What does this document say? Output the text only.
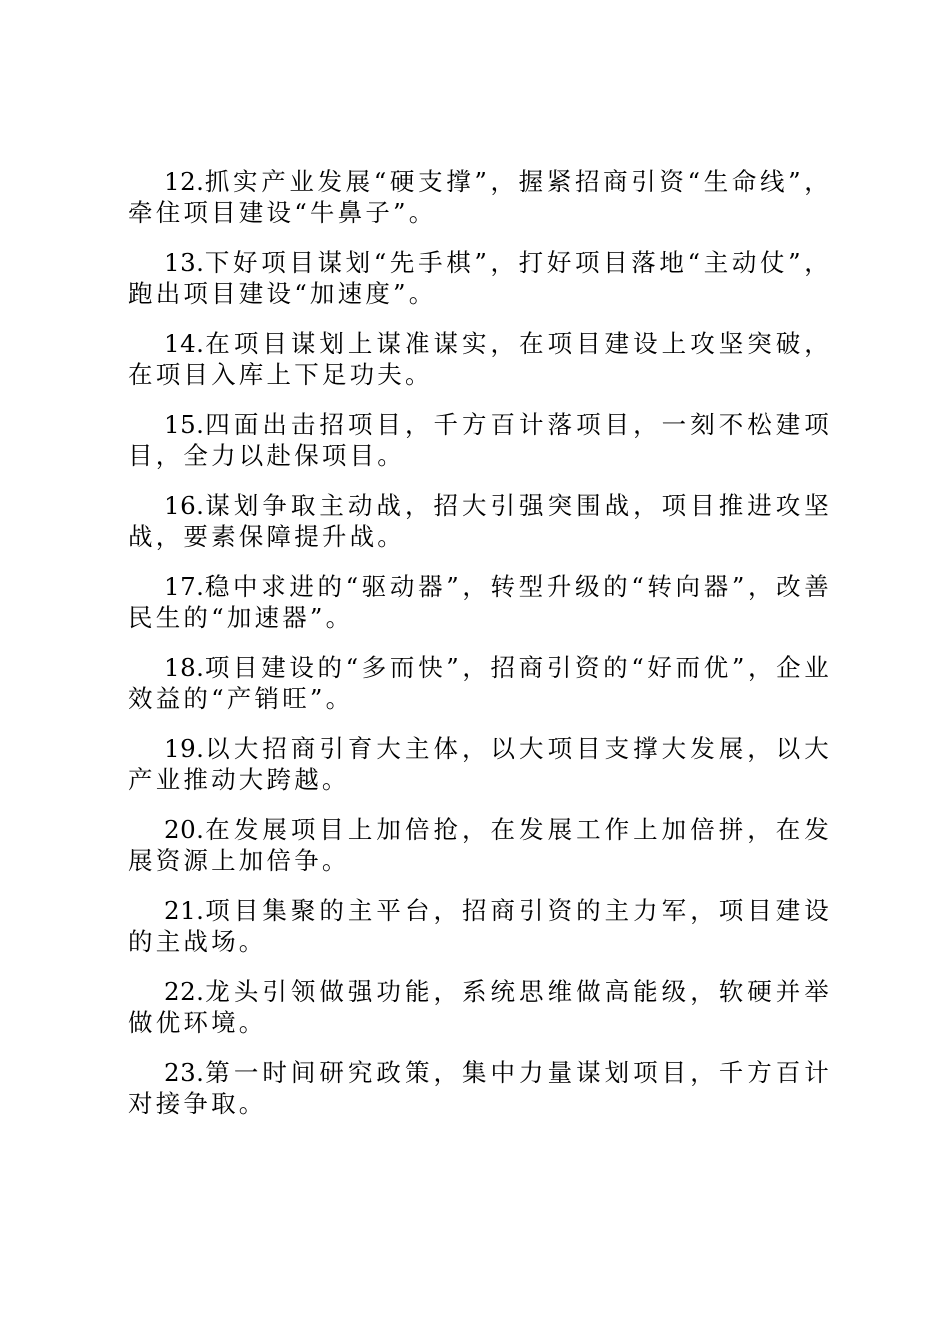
12.抓实产业发展“硬支撑”，握紧招商引资“生命线”，牵住项目建设“牛鼻子”。

13.下好项目谋划“先手棋”，打好项目落地“主动仗”，跑出项目建设“加速度”。

14.在项目谋划上谋准谋实，在项目建设上攻坚突破，在项目入库上下足功夫。

15.四面出击招项目，千方百计落项目，一刻不松建项目，全力以赴保项目。

16.谋划争取主动战，招大引强突围战，项目推进攻坚战，要素保障提升战。

17.稳中求进的“驱动器”，转型升级的“转向器”，改善民生的“加速器”。

18.项目建设的“多而快”，招商引资的“好而优”，企业效益的“产销旺”。

19.以大招商引育大主体，以大项目支撑大发展，以大产业推动大跨越。

20.在发展项目上加倍抢，在发展工作上加倍拼，在发展资源上加倍争。

21.项目集聚的主平台，招商引资的主力军，项目建设的主战场。

22.龙头引领做强功能，系统思维做高能级，软硬并举做优环境。

23.第一时间研究政策，集中力量谋划项目，千方百计对接争取。
